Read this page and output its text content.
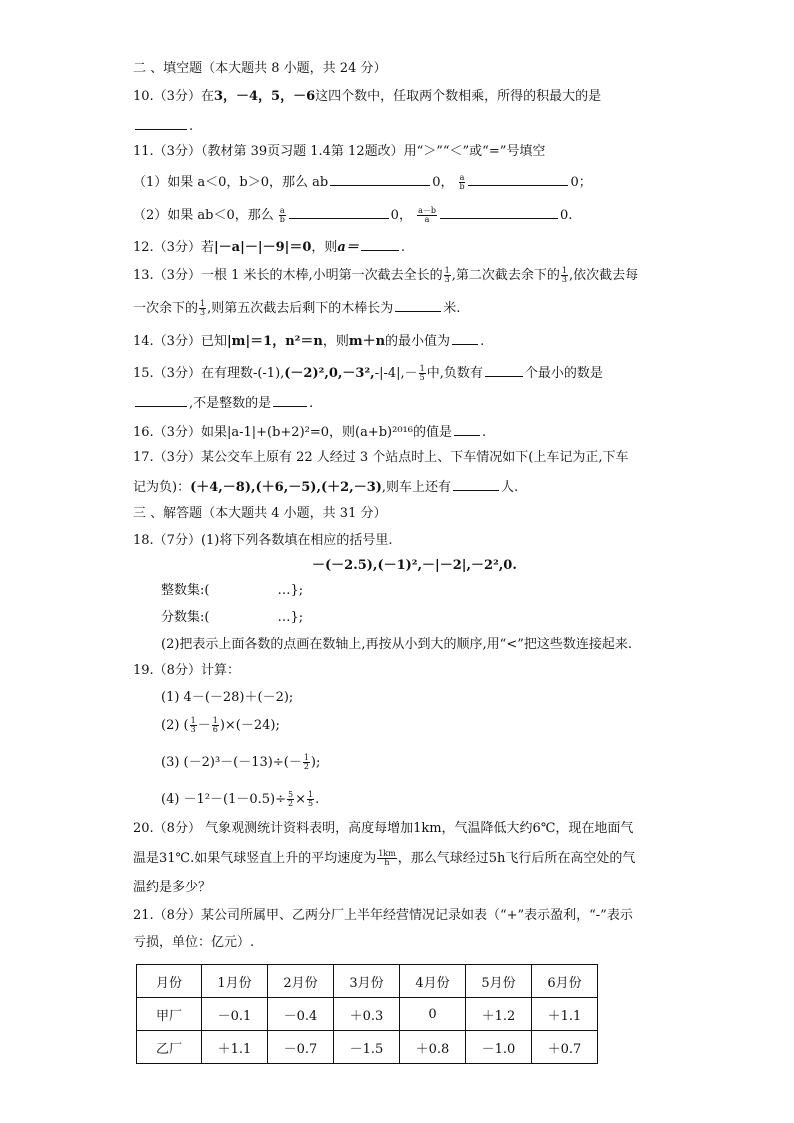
二 、填空题（本大题共 8 小题，共 24 分）
10.（3分）在3，－4，5，－6这四个数中，任取两个数相乘，所得的积最大的是
.
11.（3分）（教材第 39页习题 1.4第 12题改）用“＞”“＜”或“=”号填空
（1）如果 a＜0，b＞0，那么 ab	0， $\frac{a}{b}$	0；
（2）如果 ab＜0，那么 $\frac{a}{b}$	0， $\frac{a-b}{a}$	0.
12.（3分）若|－a|－|－9|＝0，则a＝	.
13.（3分）一根 1 米长的木棒,小明第一次截去全长的 $\frac{1}{3}$ ,第二次截去余下的 $\frac{1}{3}$ ,依次截去每
一次余下的 $\frac{1}{3}$ ,则第五次截去后剩下的木棒长为	米.
14.（3分）已知|m|＝1，n²＝n，则m＋n的最小值为 .
15.（3分）在有理数$-(-1),(-2)^2,0,-3^2,-|-4|,- \frac{1}{5}$ 中,负数有	个最小的数是
,不是整数的是	.
16.（3分）如果|a-1|+(b+2)²=0，则(a+b)²⁰¹⁶的值是 .
17.（3分）某公交车上原有 22 人经过 3 个站点时上、下车情况如下(上车记为正,下车
记为负)：(＋4,－8),(＋6,－5),(＋2,－3),则车上还有	人.
三 、解答题（本大题共 4 小题，共 31 分）
18.（7分）(1)将下列各数填在相应的括号里.
－(－2.5),(－1)²,－|－2|,－2²,0.
整数集:(	…};
分数集:(	…};
(2)把表示上面各数的点画在数轴上,再按从小到大的顺序,用“<”把这些数连接起来.
19.（8分）计算：
(1) 4－(－28)＋(－2);
(2) ( $\frac{1}{3} - \frac{1}{6} )\times(-24)$;
(3) $(-2)^3-(-13)\div(- \frac{1}{2}$ );
$(4) -1^2-(1-0.5)\div \frac{5}{2} \times \frac{1}{5}$ .
20.（8分） 气象观测统计资料表明，高度每增加1km，气温降低大约6℃，现在地面气
温是31℃.如果气球竖直上升的平均速度为 $\frac{1km}{h}$ ，那么气球经过5h飞行后所在高空处的气
温约是多少？
21.（8分）某公司所属甲、乙两分厂上半年经营情况记录如表（“+”表示盈利，“-”表示
亏损，单位：亿元）.
月份	1月份	2月份	3月份	4月份	5月份	6月份
甲厂	－0.1	－0.4	＋0.3	0	＋1.2	＋1.1
乙厂	＋1.1	－0.7	－1.5	＋0.8	－1.0	＋0.7
